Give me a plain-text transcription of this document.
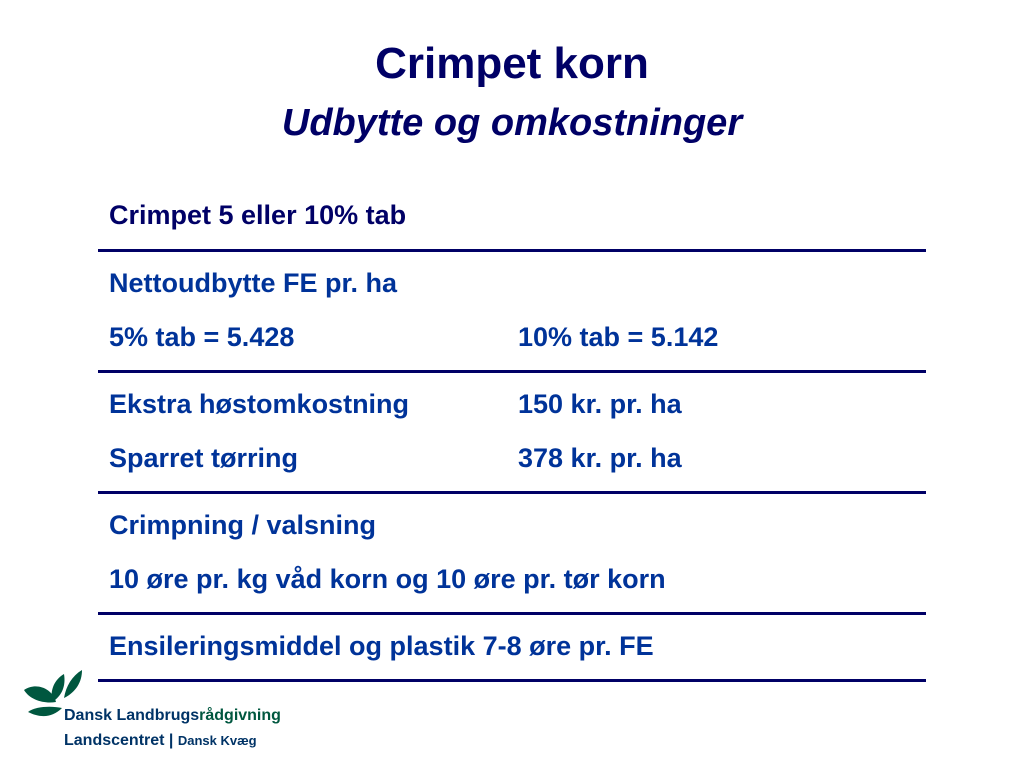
Crimpet korn
Udbytte og omkostninger
Crimpet 5 eller 10% tab
Nettoudbytte FE pr. ha
5% tab = 5.428	10% tab = 5.142
Ekstra høstomkostning	150 kr. pr. ha
Sparret tørring	378 kr. pr. ha
Crimpning / valsning
10 øre pr. kg våd korn og 10 øre pr. tør korn
Ensileringsmiddel og plastik 7-8 øre pr. FE
Dansk Landbrugsrådgivning
Landscentret | Dansk Kvæg
